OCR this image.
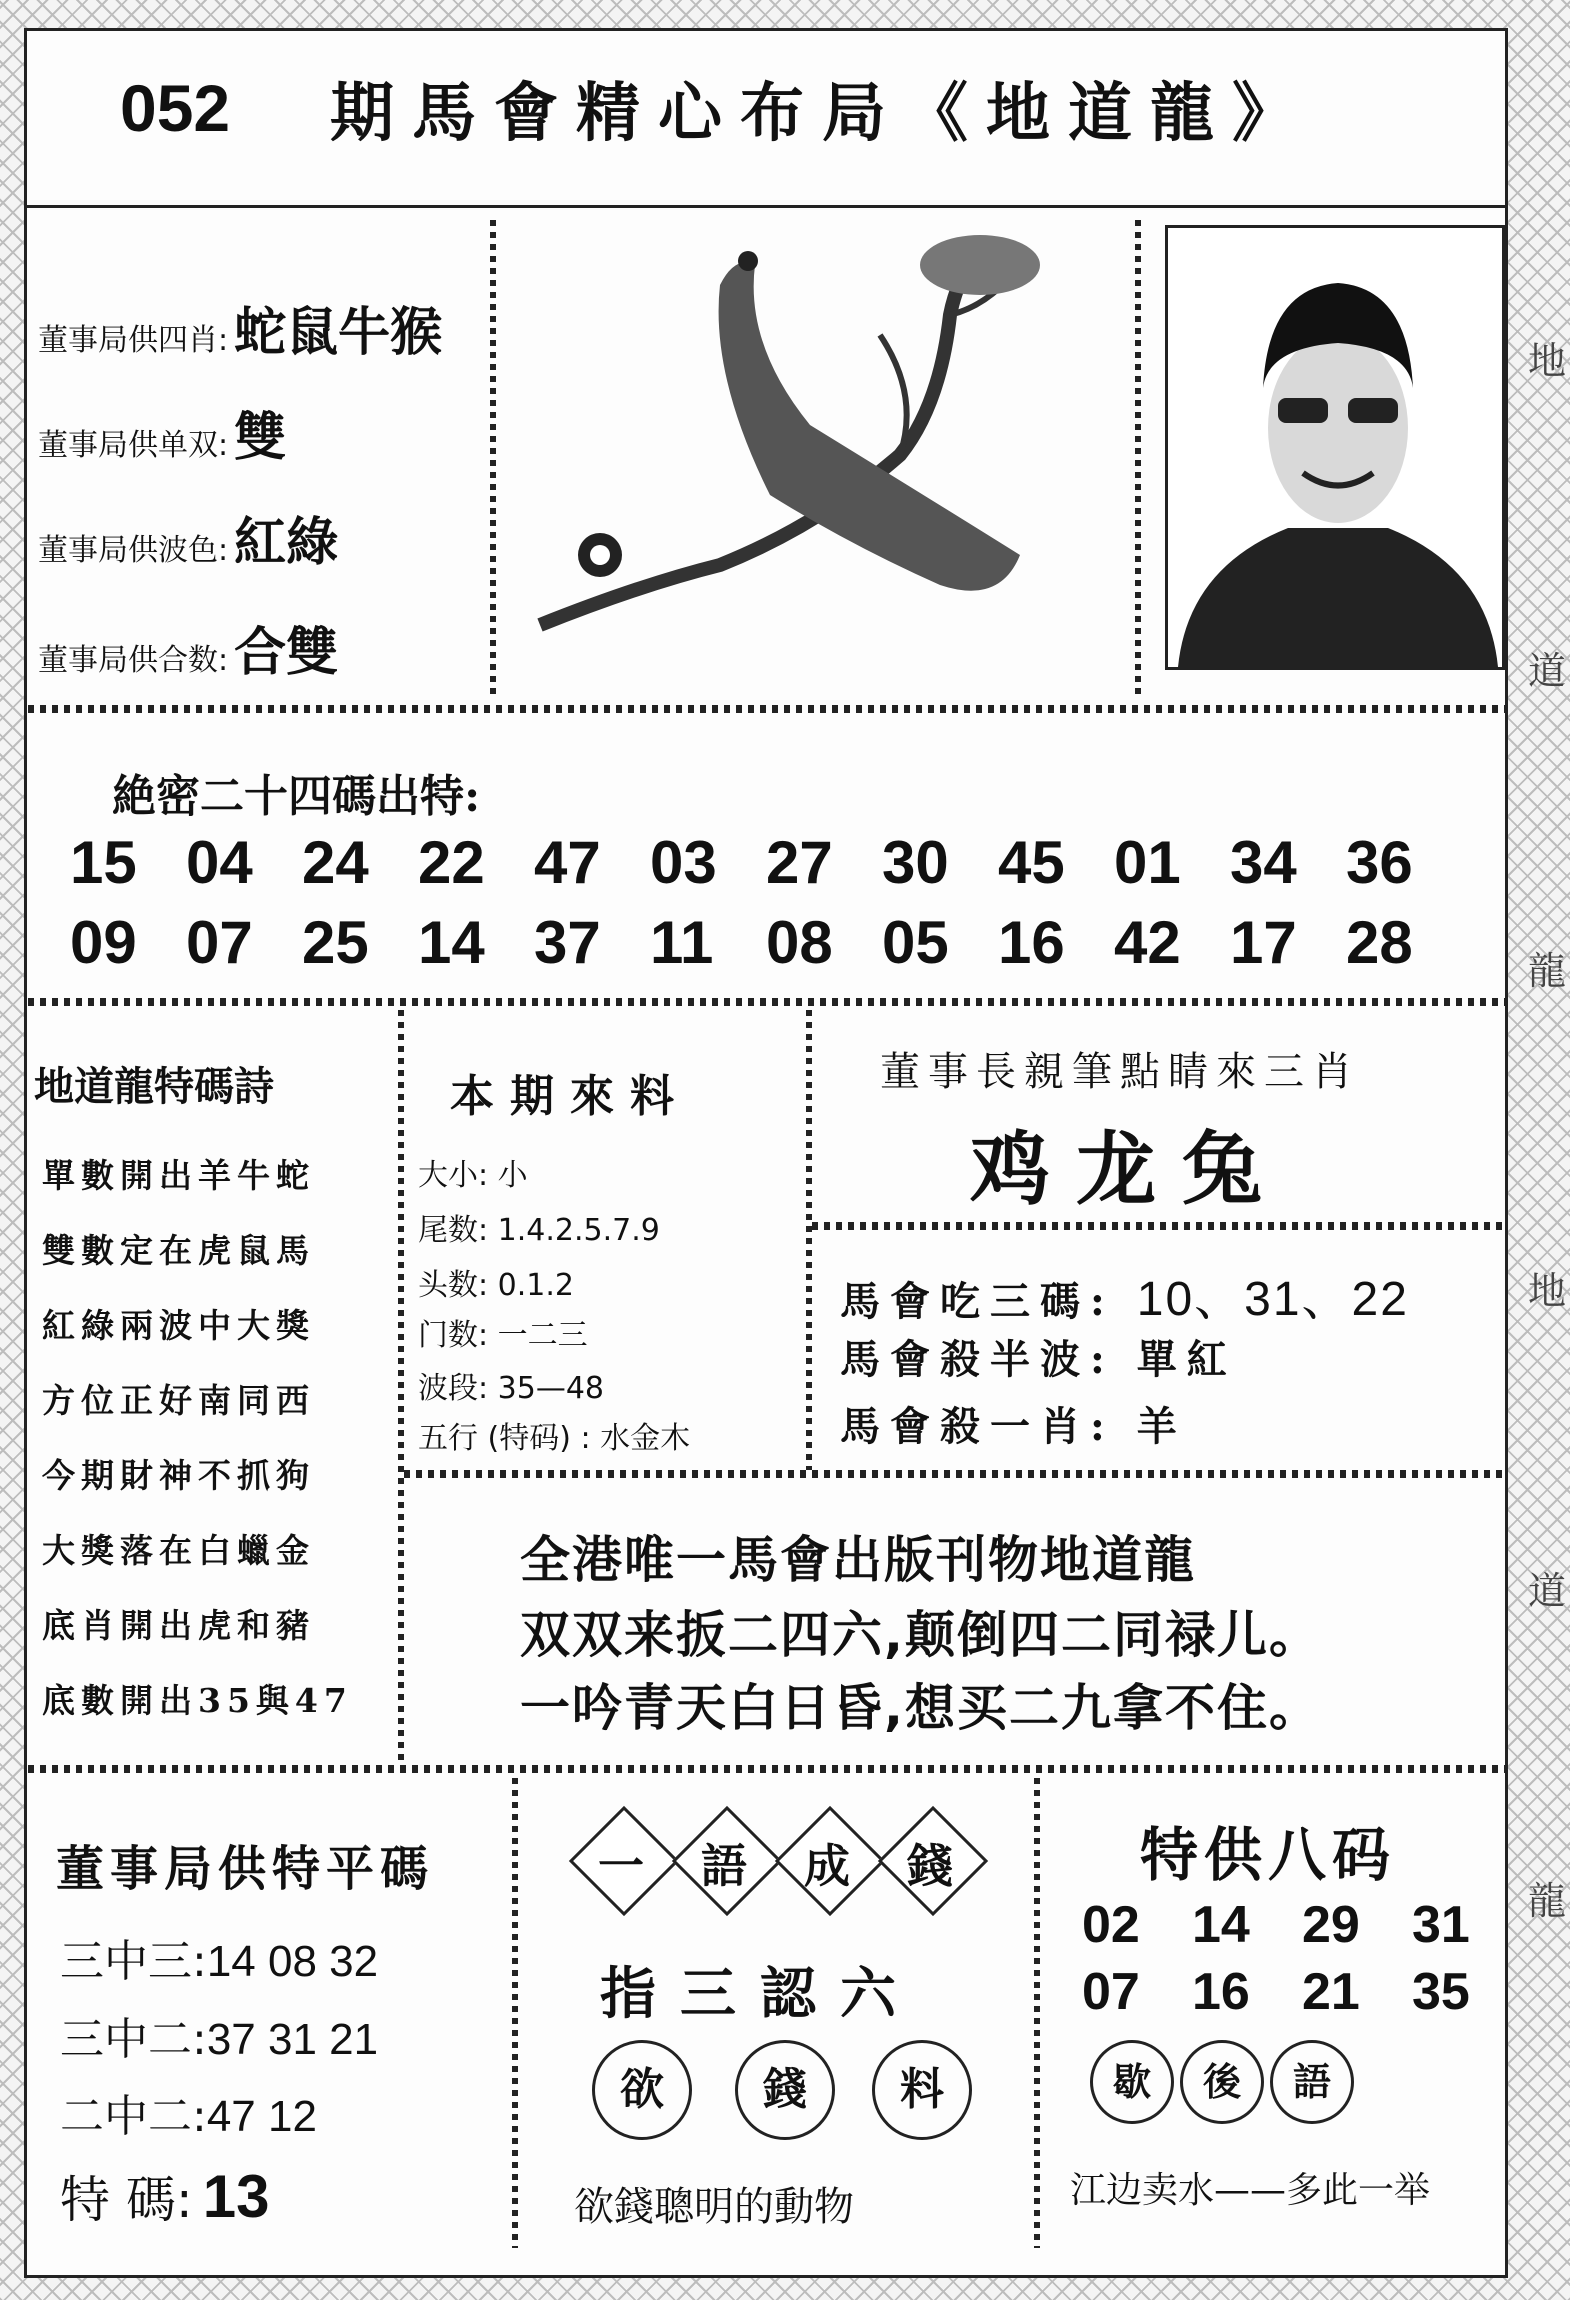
地
道
龍
地
道
龍
052 期馬會精心布局《地道龍》
董事局供四肖: 蛇鼠牛猴
董事局供单双: 雙
董事局供波色: 紅綠
董事局供合数: 合雙
絶密二十四碼出特:
15 04 24 22 47 03 27 30 45 01 34 36
09 07 25 14 37 11 08 05 16 42 17 28
地道龍特碼詩
單數開出羊牛蛇
雙數定在虎鼠馬
紅綠兩波中大獎
方位正好南同西
今期財神不抓狗
大獎落在白蠟金
底肖開出虎和豬
底數開出35與47
本期來料
大小: 小
尾数: 1.4.2.5.7.9
头数: 0.1.2
门数: 一二三
波段: 35—48
五行 (特码) : 水金木
董事長親筆點睛來三肖
鸡龙兔
馬會吃三碼: 10、31、22
馬會殺半波: 單紅
馬會殺一肖: 羊
全港唯一馬會出版刊物地道龍
双双来扳二四六,颠倒四二同禄儿。
一吟青天白日昏,想买二九拿不住。
董事局供特平碼
三中三:14 08 32
三中二:37 31 21
二中二:47 12
特 碼: 13
一	語	成	錢
指三認六
欲	錢	料
欲錢聰明的動物
特供八码
02 14 29 31
07 16 21 35
歇	後	語
江边卖水——多此一举
